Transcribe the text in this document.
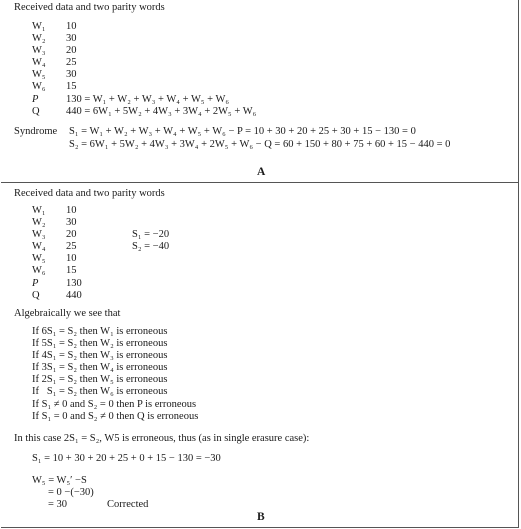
Received data and two parity words
W₁
W₂
W₃
W₄
W₅
W₆
P
Q
10
30
20
25
30
15
130 = W₁ + W₂ + W₃ + W₄ + W₅ + W₆
440 = 6W₁ + 5W₂ + 4W₃ + 3W₄ + 2W₅ + W₆
Syndrome S₁ = W₁ + W₂ + W₃ + W₄ + W₅ + W₆ − P = 10 + 30 + 20 + 25 + 30 + 15 − 130 = 0
S₂ = 6W₁ + 5W₂ + 4W₃ + 3W₄ + 2W₅ + W₆ − Q = 60 + 150 + 80 + 75 + 60 + 15 − 440 = 0
A
Received data and two parity words
W₁
W₂
W₃
W₄
W₅
W₆
P
Q
10
30
20
25
10
15
130
440
S₁ = −20
S₂ = −40
Algebraically we see that
If 6S₁ = S₂ then W₁ is erroneous
If 5S₁ = S₂ then W₂ is erroneous
If 4S₁ = S₂ then W₃ is erroneous
If 3S₁ = S₂ then W₄ is erroneous
If 2S₁ = S₂ then W₅ is erroneous
If   S₁ = S₂ then W₆ is erroneous
If S₁ ≠ 0 and S₂ = 0 then P is erroneous
If S₁ = 0 and S₂ ≠ 0 then Q is erroneous
In this case 2S₁ = S₂, W5 is erroneous, thus (as in single erasure case):
S₁ = 10 + 30 + 20 + 25 + 0 + 15 − 130 = −30
W₅ = W₅′ −S
= 0 −(−30)
= 30	Corrected
B
